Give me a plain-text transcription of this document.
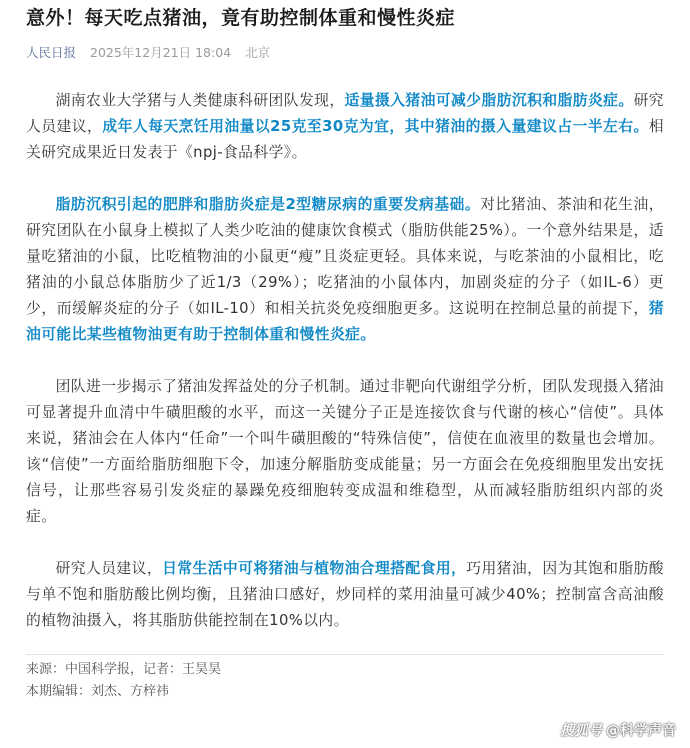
意外！每天吃点猪油，竟有助控制体重和慢性炎症
人民日报 2025年12月21日 18:04 北京

湖南农业大学猪与人类健康科研团队发现，适量摄入猪油可减少脂肪沉积和脂肪炎症。研究人员建议，成年人每天烹饪用油量以25克至30克为宜，其中猪油的摄入量建议占一半左右。相关研究成果近日发表于《npj-食品科学》。

脂肪沉积引起的肥胖和脂肪炎症是2型糖尿病的重要发病基础。对比猪油、茶油和花生油，研究团队在小鼠身上模拟了人类少吃油的健康饮食模式（脂肪供能25%）。一个意外结果是，适量吃猪油的小鼠，比吃植物油的小鼠更“瘦”且炎症更轻。具体来说，与吃茶油的小鼠相比，吃猪油的小鼠总体脂肪少了近1/3（29%）；吃猪油的小鼠体内，加剧炎症的分子（如IL-6）更少，而缓解炎症的分子（如IL-10）和相关抗炎免疫细胞更多。这说明在控制总量的前提下，猪油可能比某些植物油更有助于控制体重和慢性炎症。

团队进一步揭示了猪油发挥益处的分子机制。通过非靶向代谢组学分析，团队发现摄入猪油可显著提升血清中牛磺胆酸的水平，而这一关键分子正是连接饮食与代谢的核心“信使”。具体来说，猪油会在人体内“任命”一个叫牛磺胆酸的“特殊信使”，信使在血液里的数量也会增加。该“信使”一方面给脂肪细胞下令，加速分解脂肪变成能量；另一方面会在免疫细胞里发出安抚信号，让那些容易引发炎症的暴躁免疫细胞转变成温和维稳型，从而减轻脂肪组织内部的炎症。

研究人员建议，日常生活中可将猪油与植物油合理搭配食用，巧用猪油，因为其饱和脂肪酸与单不饱和脂肪酸比例均衡，且猪油口感好，炒同样的菜用油量可减少40%；控制富含高油酸的植物油摄入，将其脂肪供能控制在10%以内。

来源：中国科学报，记者：王昊昊
本期编辑：刘杰、方梓祎
搜狐号 @科学声音
